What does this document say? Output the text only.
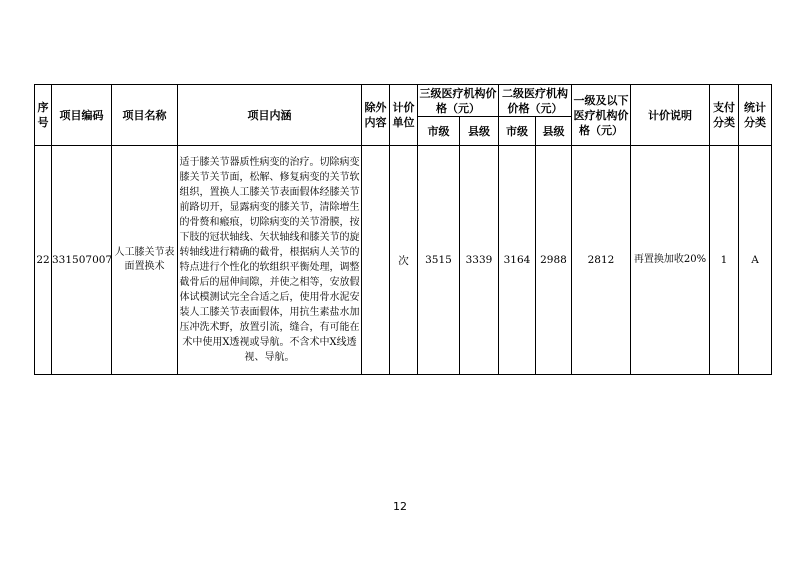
序号	项目编码	项目名称	项目内涵	除外内容	计价单位	三级医疗机构价格（元）		二级医疗机构价格（元）		一级及以下医疗机构价格（元）	计价说明	支付分类	统计分类
						市级	县级	市级	县级				
22	331507007	人工膝关节表面置换术	适于膝关节器质性病变的治疗。切除病变膝关节关节面，松解、修复病变的关节软组织，置换人工膝关节表面假体经膝关节前路切开，显露病变的膝关节，清除增生的骨赘和瘢痕，切除病变的关节滑膜，按下肢的冠状轴线、矢状轴线和膝关节的旋转轴线进行精确的截骨，根据病人关节的特点进行个性化的软组织平衡处理，调整截骨后的屈伸间隙，并使之相等，安放假体试模测试完全合适之后，使用骨水泥安装人工膝关节表面假体，用抗生素盐水加压冲洗术野，放置引流，缝合，有可能在术中使用X透视或导航。不含术中X线透视、导航。		次	3515	3339	3164	2988	2812	再置换加收20%	1	A
12
